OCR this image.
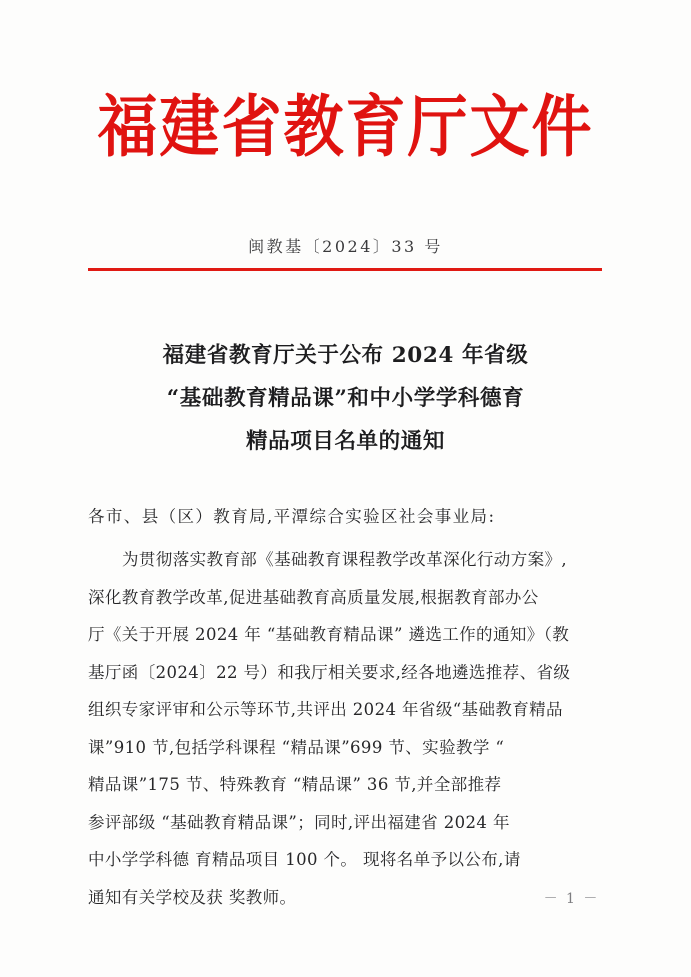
福建省教育厅文件
闽教基〔2024〕33 号
福建省教育厅关于公布 2024 年省级
“基础教育精品课”和中小学学科德育
精品项目名单的通知
各市、县（区）教育局,平潭综合实验区社会事业局:
为贯彻落实教育部《基础教育课程教学改革深化行动方案》,
深化教育教学改革,促进基础教育高质量发展,根据教育部办公
厅《关于开展 2024 年 “基础教育精品课” 遴选工作的通知》（教
基厅函〔2024〕22 号）和我厅相关要求,经各地遴选推荐、省级
组织专家评审和公示等环节,共评出 2024 年省级“基础教育精品
课”910 节,包括学科课程 “精品课”699 节、实验教学 “
精品课”175 节、特殊教育 “精品课” 36 节,并全部推荐
参评部级 “基础教育精品课”；同时,评出福建省 2024 年
中小学学科德 育精品项目 100 个。 现将名单予以公布,请
通知有关学校及获 奖教师。	－ 1 －
